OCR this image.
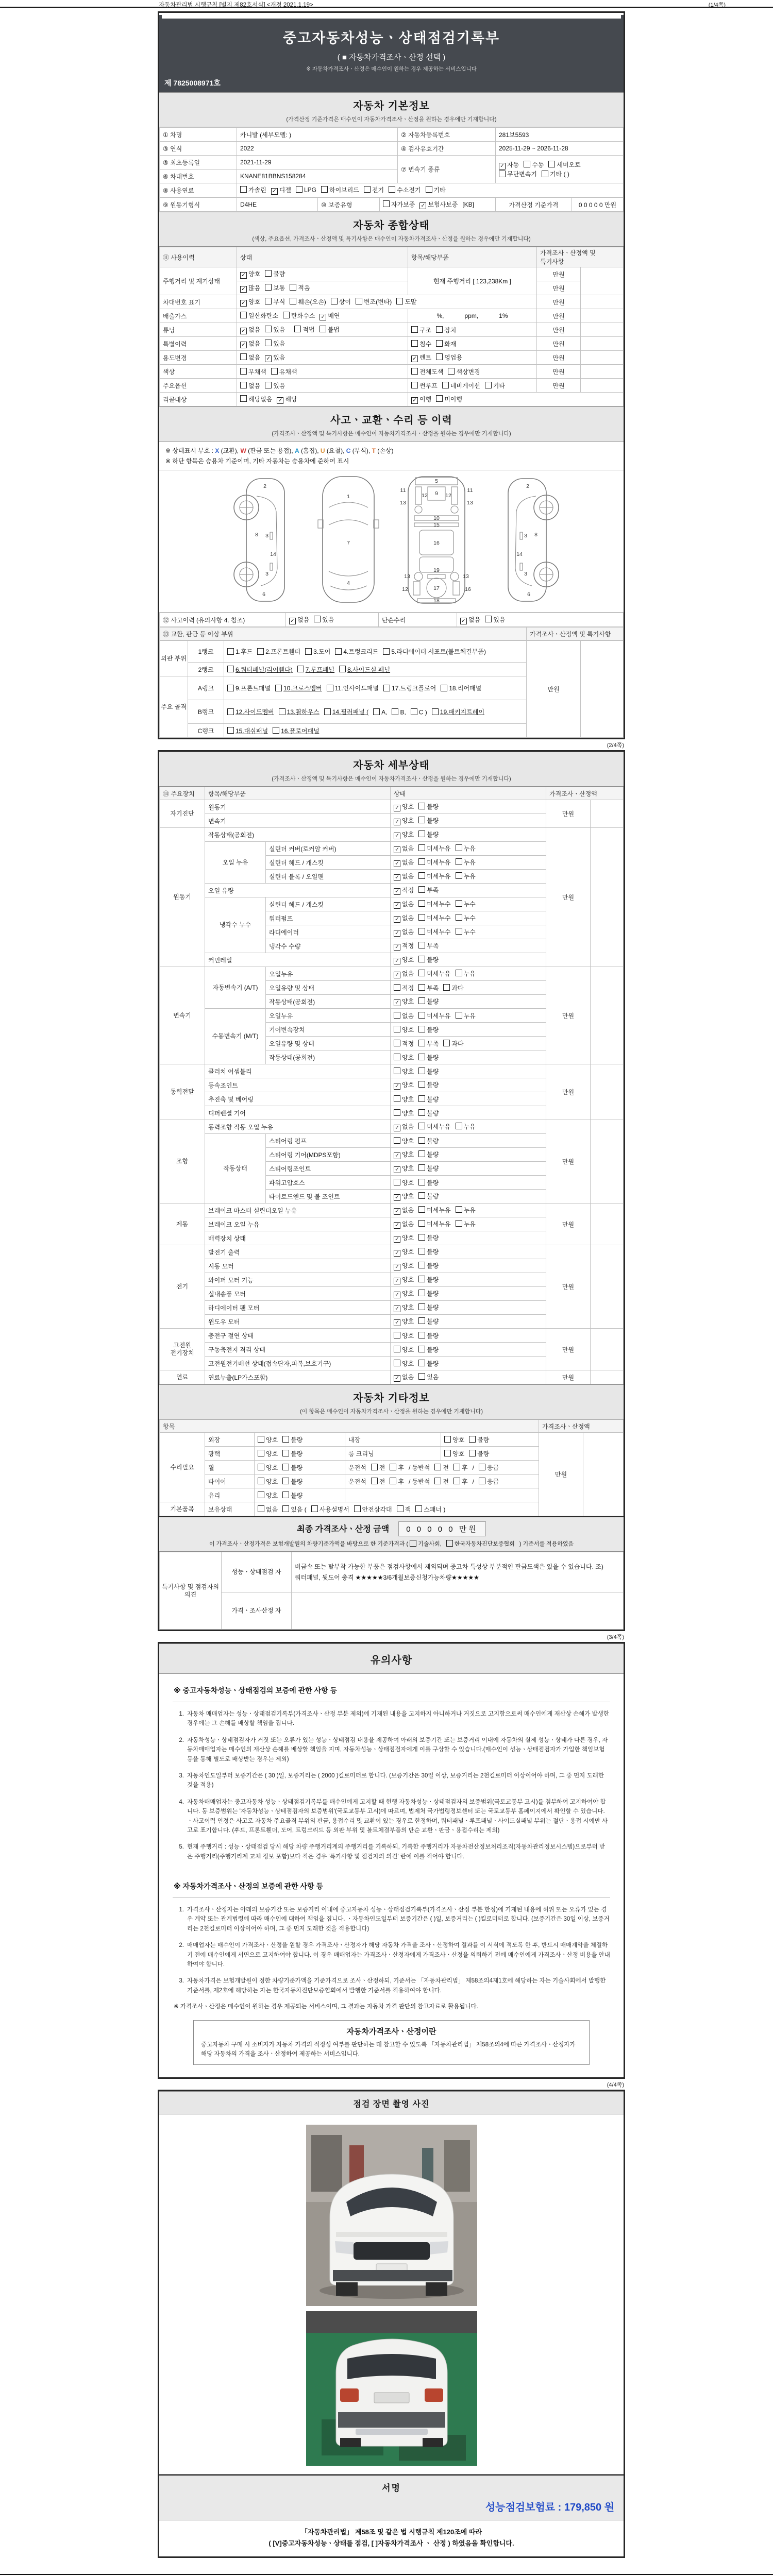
자동차관리법 시행규칙 [별지 제82호서식] <개정 2021.1.19>	(1/4쪽)
중고자동차성능ㆍ상태점검기록부
( ■ 자동차가격조사ㆍ산정 선택 )
※ 자동차가격조사ㆍ산정은 매수인이 원하는 경우 제공하는 서비스입니다
제 7825008971호
자동차 기본정보
(가격산정 기준가격은 매수인이 자동차가격조사ㆍ산정을 원하는 경우에만 기재합니다)
① 차명	카니발 (세부모델: )	② 자동차등록번호	281보5593
③ 연식	2022	④ 검사유효기간	2025-11-29 ~ 2026-11-28
⑤ 최초등록일	2021-11-29	⑦ 변속기 종류	✓자동 수동 세미오토무단변속기 기타 ( )
⑥ 차대번호	KNANE81BBNS158284		
⑧ 사용연료	가솔린 ✓ 디젤 LPG 하이브리드 전기 수소전기 기타
⑨ 원동기형식	D4HE	⑩ 보증유형	자가보증 ✓ 보험사보증 [KB]	가격산정 기준가격	0 0 0 0 0 만원
자동차 종합상태
(색상, 주요옵션, 가격조사ㆍ산정액 및 특기사항은 매수인이 자동차가격조사ㆍ산정을 원하는 경우에만 기재합니다)
⑪ 사용이력	상태	항목/해당부품	가격조사ㆍ산정액 및 특기사항	
주행거리 및 계기상태	✓양호 불량	현재 주행거리 [ 123,238Km ]	만원	
✓많음 보통 적음		만원	
차대번호 표기	✓양호 부식 훼손(오손) 상이 변조(변타) 도말		만원	
배출가스	일산화탄소 탄화수소 ✓ 매연	%,            ppm,            1%	만원	
튜닝	✓없음 있음 적법 불법	구조 장치	만원	
특별이력	✓없음 있음	침수 화재	만원	
용도변경	없음 ✓ 있음	✓렌트 영업용	만원	
색상	무채색 유채색	전체도색 색상변경	만원	
주요옵션	없음 있음	썬루프 네비게이션 기타	만원	
리콜대상	해당없음 ✓ 해당	✓이행 미이행
사고ㆍ교환ㆍ수리 등 이력
(가격조사ㆍ산정액 및 특기사항은 매수인이 자동차가격조사ㆍ산정을 원하는 경우에만 기재합니다)
※ 상태표시 부호 : X (교환), W (판금 또는 용접), A (흠집), U (요철), C (부식), T (손상)
※ 하단 항목은 승용차 기준이며, 기타 자동차는 승용차에 준하여 표시
2
8 3
14
3
6
1
7
4
5
11	11
13	13
12	12
9
10
15
16
13	13
19
12	16
17
18
2
8
3
14
3
6
⑫ 사고이력 (유의사항 4. 참조)	✓없음 있음	단순수리	✓없음 있음
⑬ 교환, 판금 등 이상 부위	가격조사ㆍ산정액 및 특기사항
외판 부위	1랭크	1.후드 2.프론트휀더 3.도어 4.트렁크리드 5.라디에이터 서포트(볼트체결부품)	만원	
	2랭크	6.쿼터패널(리어휀다) 7.루프패널 8.사이드실 패널		
주요 골격	A랭크	9.프론트패널 10.크로스멤버 11.인사이드패널 17.트렁크플로어 18.리어패널		
	B랭크	12.사이드멤버 13.휠하우스 14.필러패널 ( A, B, C ) 19.패키지트레이		
	C랭크	15.대쉬패널 16.플로어패널		
(2/4쪽)
자동차 세부상태
(가격조사ㆍ산정액 및 특기사항은 매수인이 자동차가격조사ㆍ산정을 원하는 경우에만 기재합니다)
⑭ 주요장치	항목/해당부품		상태	가격조사ㆍ산정액	
자기진단	원동기	✓양호 불량	만원	
	변속기	✓양호 불량
원동기	작동상태(공회전)	✓양호 불량	만원	
	오일 누유	실린더 커버(로커암 커버)	✓없음 미세누유 누유
		실린더 헤드 / 개스킷	✓없음 미세누유 누유
		실린더 블록 / 오일팬	✓없음 미세누유 누유
	오일 유량	✓적정 부족
	냉각수 누수	실린더 헤드 / 개스킷	✓없음 미세누수 누수
		워터펌프	✓없음 미세누수 누수
		라디에이터	✓없음 미세누수 누수
		냉각수 수량	✓적정 부족
	커먼레일	✓양호 불량
변속기	자동변속기 (A/T)	오일누유	✓없음 미세누유 누유	만원	
		오일유량 및 상태	적정 부족 과다		
		작동상태(공회전)	✓양호 불량
	수동변속기 (M/T)	오일누유	없음 미세누유 누유		
		기어변속장치	양호 불량		
		오일유량 및 상태	적정 부족 과다		
		작동상태(공회전)	양호 불량		
동력전달	클러치 어셈블리		양호 불량	만원	
	등속조인트	✓양호 불량
	추진축 및 베어링		양호 불량		
	디퍼렌셜 기어		양호 불량		
조향	동력조향 작동 오일 누유	✓없음 미세누유 누유	만원	
	작동상태	스티어링 펌프	양호 불량		
		스티어링 기어(MDPS포함)	✓양호 불량
		스티어링조인트	✓양호 불량
		파워고압호스	양호 불량		
		타이로드엔드 및 볼 조인트	✓양호 불량
제동	브레이크 마스터 실린더오일 누유	✓없음 미세누유 누유	만원	
	브레이크 오일 누유	✓없음 미세누유 누유
	배력장치 상태	✓양호 불량
전기	발전기 출력	✓양호 불량	만원	
	시동 모터	✓양호 불량
	와이퍼 모터 기능	✓양호 불량
	실내송풍 모터	✓양호 불량
	라디에이터 팬 모터	✓양호 불량
	윈도우 모터	✓양호 불량
고전원 전기장치	충전구 절연 상태		양호 불량	만원	
	구동축전지 격리 상태		양호 불량		
	고전원전기배선 상태(접속단자,피복,보호기구)		양호 불량		
연료	연료누출(LP가스포함)	✓없음 있음	만원	
자동차 기타정보
(이 항목은 매수인이 자동차가격조사ㆍ산정을 원하는 경우에만 기재합니다)
항목					가격조사ㆍ산정액	
수리필요	외장	양호 불량	내장	양호 불량	만원	
	광택	양호 불량	룸 크리닝	양호 불량		
	휠	양호 불량	운전석 전 후 / 동반석 전 후 / 응급			
	타이어	양호 불량	운전석 전 후 / 동반석 전 후 / 응급			
	유리	양호 불량				
기본품목	보유상태	없음 있음 ( 사용설명서 안전삼각대 잭 스패너 )				
최종 가격조사ㆍ산정 금액 0 0 0 0 0 만원
이 가격조사ㆍ산정가격은 보험개발원의 차량기준가액을 바탕으로 한 기준가격과 ( 기술사회, 한국자동차진단보증협회 ) 기준서를 적용하였음
특기사항 및 점검자의 의견	성능ㆍ상태점검 자	비금속 또는 탈부착 가능한 부품은 점검사항에서 제외되며 중고차 특성상 부분적인 판금도색은 있을 수 있습니다. 조)쿼터패널, 뒷도어 충격 ★★★★★3/6개월보증신청가능차량★★★★★
	가격ㆍ조사산정 자	
(3/4쪽)
유의사항
※ 중고자동차성능ㆍ상태점검의 보증에 관한 사항 등
1. 자동차 매매업자는 성능ㆍ상태점검기록부(가격조사ㆍ산정 부분 제외)에 기재된 내용을 고지하지 아니하거나 거짓으로 고지함으로써 매수인에게 재산상 손해가 발생한 경우에는 그 손해를 배상할 책임을 집니다.
2. 자동차성능ㆍ상태점검자가 거짓 또는 오류가 있는 성능ㆍ상태점검 내용을 제공하여 아래의 보증기간 또는 보증거리 이내에 자동차의 실제 성능ㆍ상태가 다른 경우, 자동차매매업자는 매수인의 재산상 손해를 배상할 책임을 지며, 자동차성능ㆍ상태점검자에게 이를 구상할 수 있습니다.(매수인이 성능ㆍ상태점검자가 가입한 책임보험 등을 통해 별도로 배상받는 경우는 제외)
3. 자동차인도일부터 보증기간은 ( 30 )일, 보증거리는 ( 2000 )킬로미터로 합니다. (보증기간은 30일 이상, 보증거리는 2천킬로미터 이상이어야 하며, 그 중 먼저 도래한 것을 적용)
4. 자동차매매업자는 중고자동차 성능ㆍ상태점검기록부를 매수인에게 고지할 때 현행 자동차성능ㆍ상태점검자의 보증범위(국토교통부 고시)를 첨부하여 고지하여야 합니다. 동 보증범위는 '자동차성능ㆍ상태점검자의 보증범위'(국토교통부 고시)에 따르며, 법제처 국가법령정보센터 또는 국토교통부 홈페이지에서 확인할 수 있습니다. ㆍ사고이력 인정은 사고로 자동차 주요골격 부위의 판금, 용접수리 및 교환이 있는 경우로 한정하며, 쿼터패널ㆍ루프패널ㆍ사이드실패널 부위는 절단ㆍ용접 시에만 사고로 표기합니다. (후드, 프론트휀더, 도어, 트렁크리드 등 외판 부위 및 볼트체결부품의 단순 교환ㆍ판금ㆍ용접수리는 제외)
5. 현재 주행거리 : 성능ㆍ상태점검 당시 해당 차량 주행거리계의 주행거리를 기록하되, 기록한 주행거리가 자동차전산정보처리조직(자동차관리정보시스템)으로부터 받은 주행거리(주행거리계 교체 정보 포함)보다 적은 경우 '특기사항 및 점검자의 의견' 란에 이를 적어야 합니다.
※ 자동차가격조사ㆍ산정의 보증에 관한 사항 등
1. 가격조사ㆍ산정자는 아래의 보증기간 또는 보증거리 이내에 중고자동차 성능ㆍ상태점검기록부(가격조사ㆍ산정 부분 한정)에 기재된 내용에 허위 또는 오류가 있는 경우 계약 또는 관계법령에 따라 매수인에 대하여 책임을 집니다. ㆍ자동차인도일부터 보증기간은 ( )일, 보증거리는 ( )킬로미터로 합니다. (보증기간은 30일 이상, 보증거리는 2천킬로미터 이상이어야 하며, 그 중 먼저 도래한 것을 적용합니다)
2. 매매업자는 매수인이 가격조사ㆍ산정을 원할 경우 가격조사ㆍ산정자가 해당 자동차 가격을 조사ㆍ산정하여 결과를 이 서식에 적도록 한 후, 반드시 매매계약을 체결하기 전에 매수인에게 서면으로 고지하여야 합니다. 이 경우 매매업자는 가격조사ㆍ산정자에게 가격조사ㆍ산정을 의뢰하기 전에 매수인에게 가격조사ㆍ산정 비용을 안내하여야 합니다.
3. 자동차가격은 보험개발원이 정한 차량기준가액을 기준가격으로 조사ㆍ산정하되, 기준서는 「자동차관리법」 제58조의4제1호에 해당하는 자는 기술사회에서 발행한 기준서를, 제2호에 해당하는 자는 한국자동차진단보증협회에서 발행한 기준서를 적용하여야 합니다.
※ 가격조사ㆍ산정은 매수인이 원하는 경우 제공되는 서비스이며, 그 결과는 자동차 가격 판단의 참고자료로 활용됩니다.
자동차가격조사ㆍ산정이란
중고자동차 구매 시 소비자가 자동차 가격의 적정성 여부를 판단하는 데 참고할 수 있도록 「자동차관리법」 제58조의4에 따른 가격조사ㆍ산정자가 해당 자동차의 가격을 조사ㆍ산정하여 제공하는 서비스입니다.
(4/4쪽)
점검 장면 촬영 사진
서명
성능점검보험료 : 179,850 원
「자동차관리법」 제58조 및 같은 법 시행규칙 제120조에 따라
( [V]중고자동차성능ㆍ상태를 점검, [ ]자동차가격조사 ㆍ 산정 ) 하였음을 확인합니다.
